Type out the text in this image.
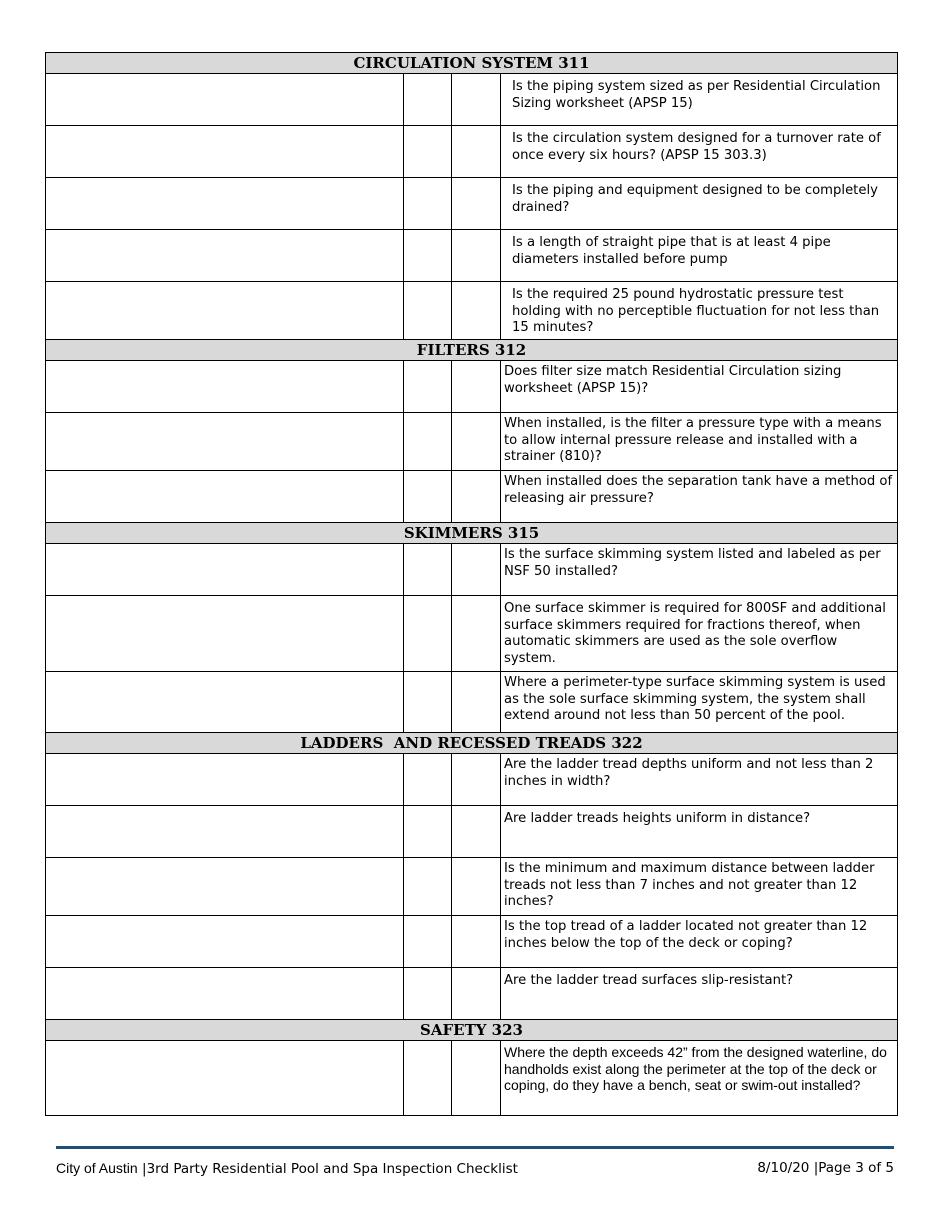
CIRCULATION SYSTEM 311			
			Is the piping system sized as per Residential Circulation Sizing worksheet (APSP 15)
			Is the circulation system designed for a turnover rate of once every six hours? (APSP 15 303.3)
			Is the piping and equipment designed to be completely drained?
			Is a length of straight pipe that is at least 4 pipe diameters installed before pump
			Is the required 25 pound hydrostatic pressure test holding with no perceptible fluctuation for not less than 15 minutes?
FILTERS 312			
			Does filter size match Residential Circulation sizing worksheet (APSP 15)?
			When installed, is the filter a pressure type with a means to allow internal pressure release and installed with a strainer (810)?
			When installed does the separation tank have a method of releasing air pressure?
SKIMMERS 315			
			Is the surface skimming system listed and labeled as per NSF 50 installed?
			One surface skimmer is required for 800SF and additional surface skimmers required for fractions thereof, when automatic skimmers are used as the sole overflow system.
			Where a perimeter-type surface skimming system is used as the sole surface skimming system, the system shall extend around not less than 50 percent of the pool.
LADDERS  AND RECESSED TREADS 322			
			Are the ladder tread depths uniform and not less than 2 inches in width?
			Are ladder treads heights uniform in distance?
			Is the minimum and maximum distance between ladder treads not less than 7 inches and not greater than 12 inches?
			Is the top tread of a ladder located not greater than 12 inches below the top of the deck or coping?
			Are the ladder tread surfaces slip-resistant?
SAFETY 323			
			Where the depth exceeds 42” from the designed waterline, do handholds exist along the perimeter at the top of the deck or coping, do they have a bench, seat or swim-out installed?
City of Austin |3rd Party Residential Pool and Spa Inspection Checklist	8/10/20 |Page 3 of 5
